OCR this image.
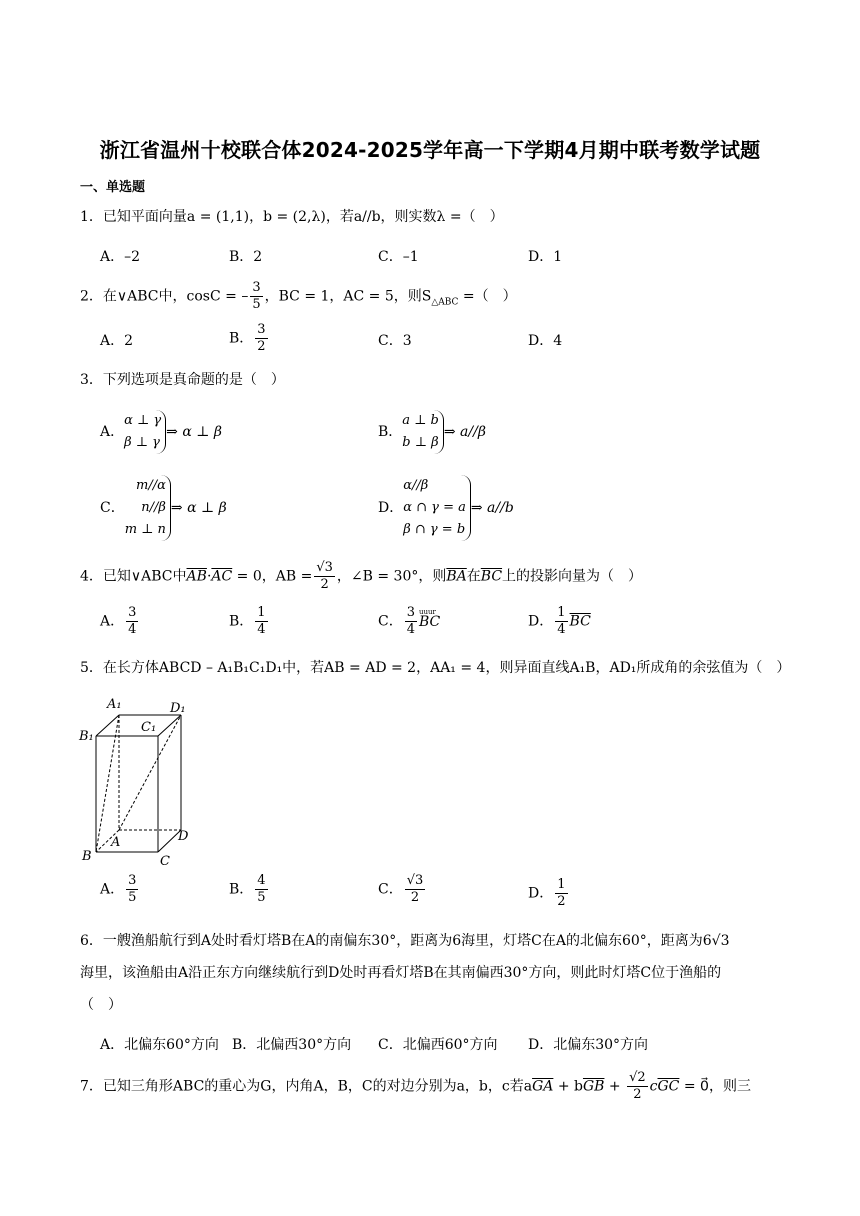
浙江省温州十校联合体2024-2025学年高一下学期4月期中联考数学试题
一、单选题
1．已知平面向量a = (1,1)，b = (2,λ)，若a//b，则实数λ =（　）
A．–2	B．2	C．–1	D．1
2．在∨ABC中，cosC = – $\frac{3}{5}$ ，BC = 1，AC = 5，则$S_{\triangle ABC}$ =（　）
A．2	B． $\frac{3}{2}$	C．3	D．4
3．下列选项是真命题的是（　）
A．α ⊥ γ
β ⊥ γ⇒ α ⊥ β	B．a ⊥ b
b ⊥ β⇒ a//β
C．m//α
n//β
m ⊥ n⇒ α ⊥ β	D．α//β
α ∩ γ = a
β ∩ γ = b⇒ a//b
4．已知∨ABC中$\overline{AB}\cdot\overline{AC} = 0$，AB = $\frac{√3}{2}$ ，∠B = 30°，则$\overline{BA}$在$\overline{BC}$上的投影向量为（　）
A． $\frac{3}{4}$	B． $\frac{1}{4}$	C． $\frac{3}{4}$ uuur
BC	D． $\frac{1}{4} \overline{BC}$
5．在长方体ABCD – A₁B₁C₁D₁中，若AB = AD = 2，AA₁ = 4，则异面直线A₁B，AD₁所成角的余弦值为（　）
A₁
B₁
C₁
D₁
A
B	C
D
A． $\frac{3}{5}$	B． $\frac{4}{5}$	C． $\frac{√3}{2}$	D． $\frac{1}{2}$
6．一艘渔船航行到A处时看灯塔B在A的南偏东30°，距离为6海里，灯塔C在A的北偏东60°，距离为6√3
海里，该渔船由A沿正东方向继续航行到D处时再看灯塔B在其南偏西30°方向，则此时灯塔C位于渔船的
（　）
A．北偏东60°方向 B．北偏西30°方向 C．北偏西60°方向 D．北偏东30°方向
7．已知三角形ABC的重心为G，内角A，B，C的对边分别为a，b，c若$a\overline{GA} + b\overline{GB} + \frac{√2}{2} c\overline{GC}$ = 0⃗，则三
